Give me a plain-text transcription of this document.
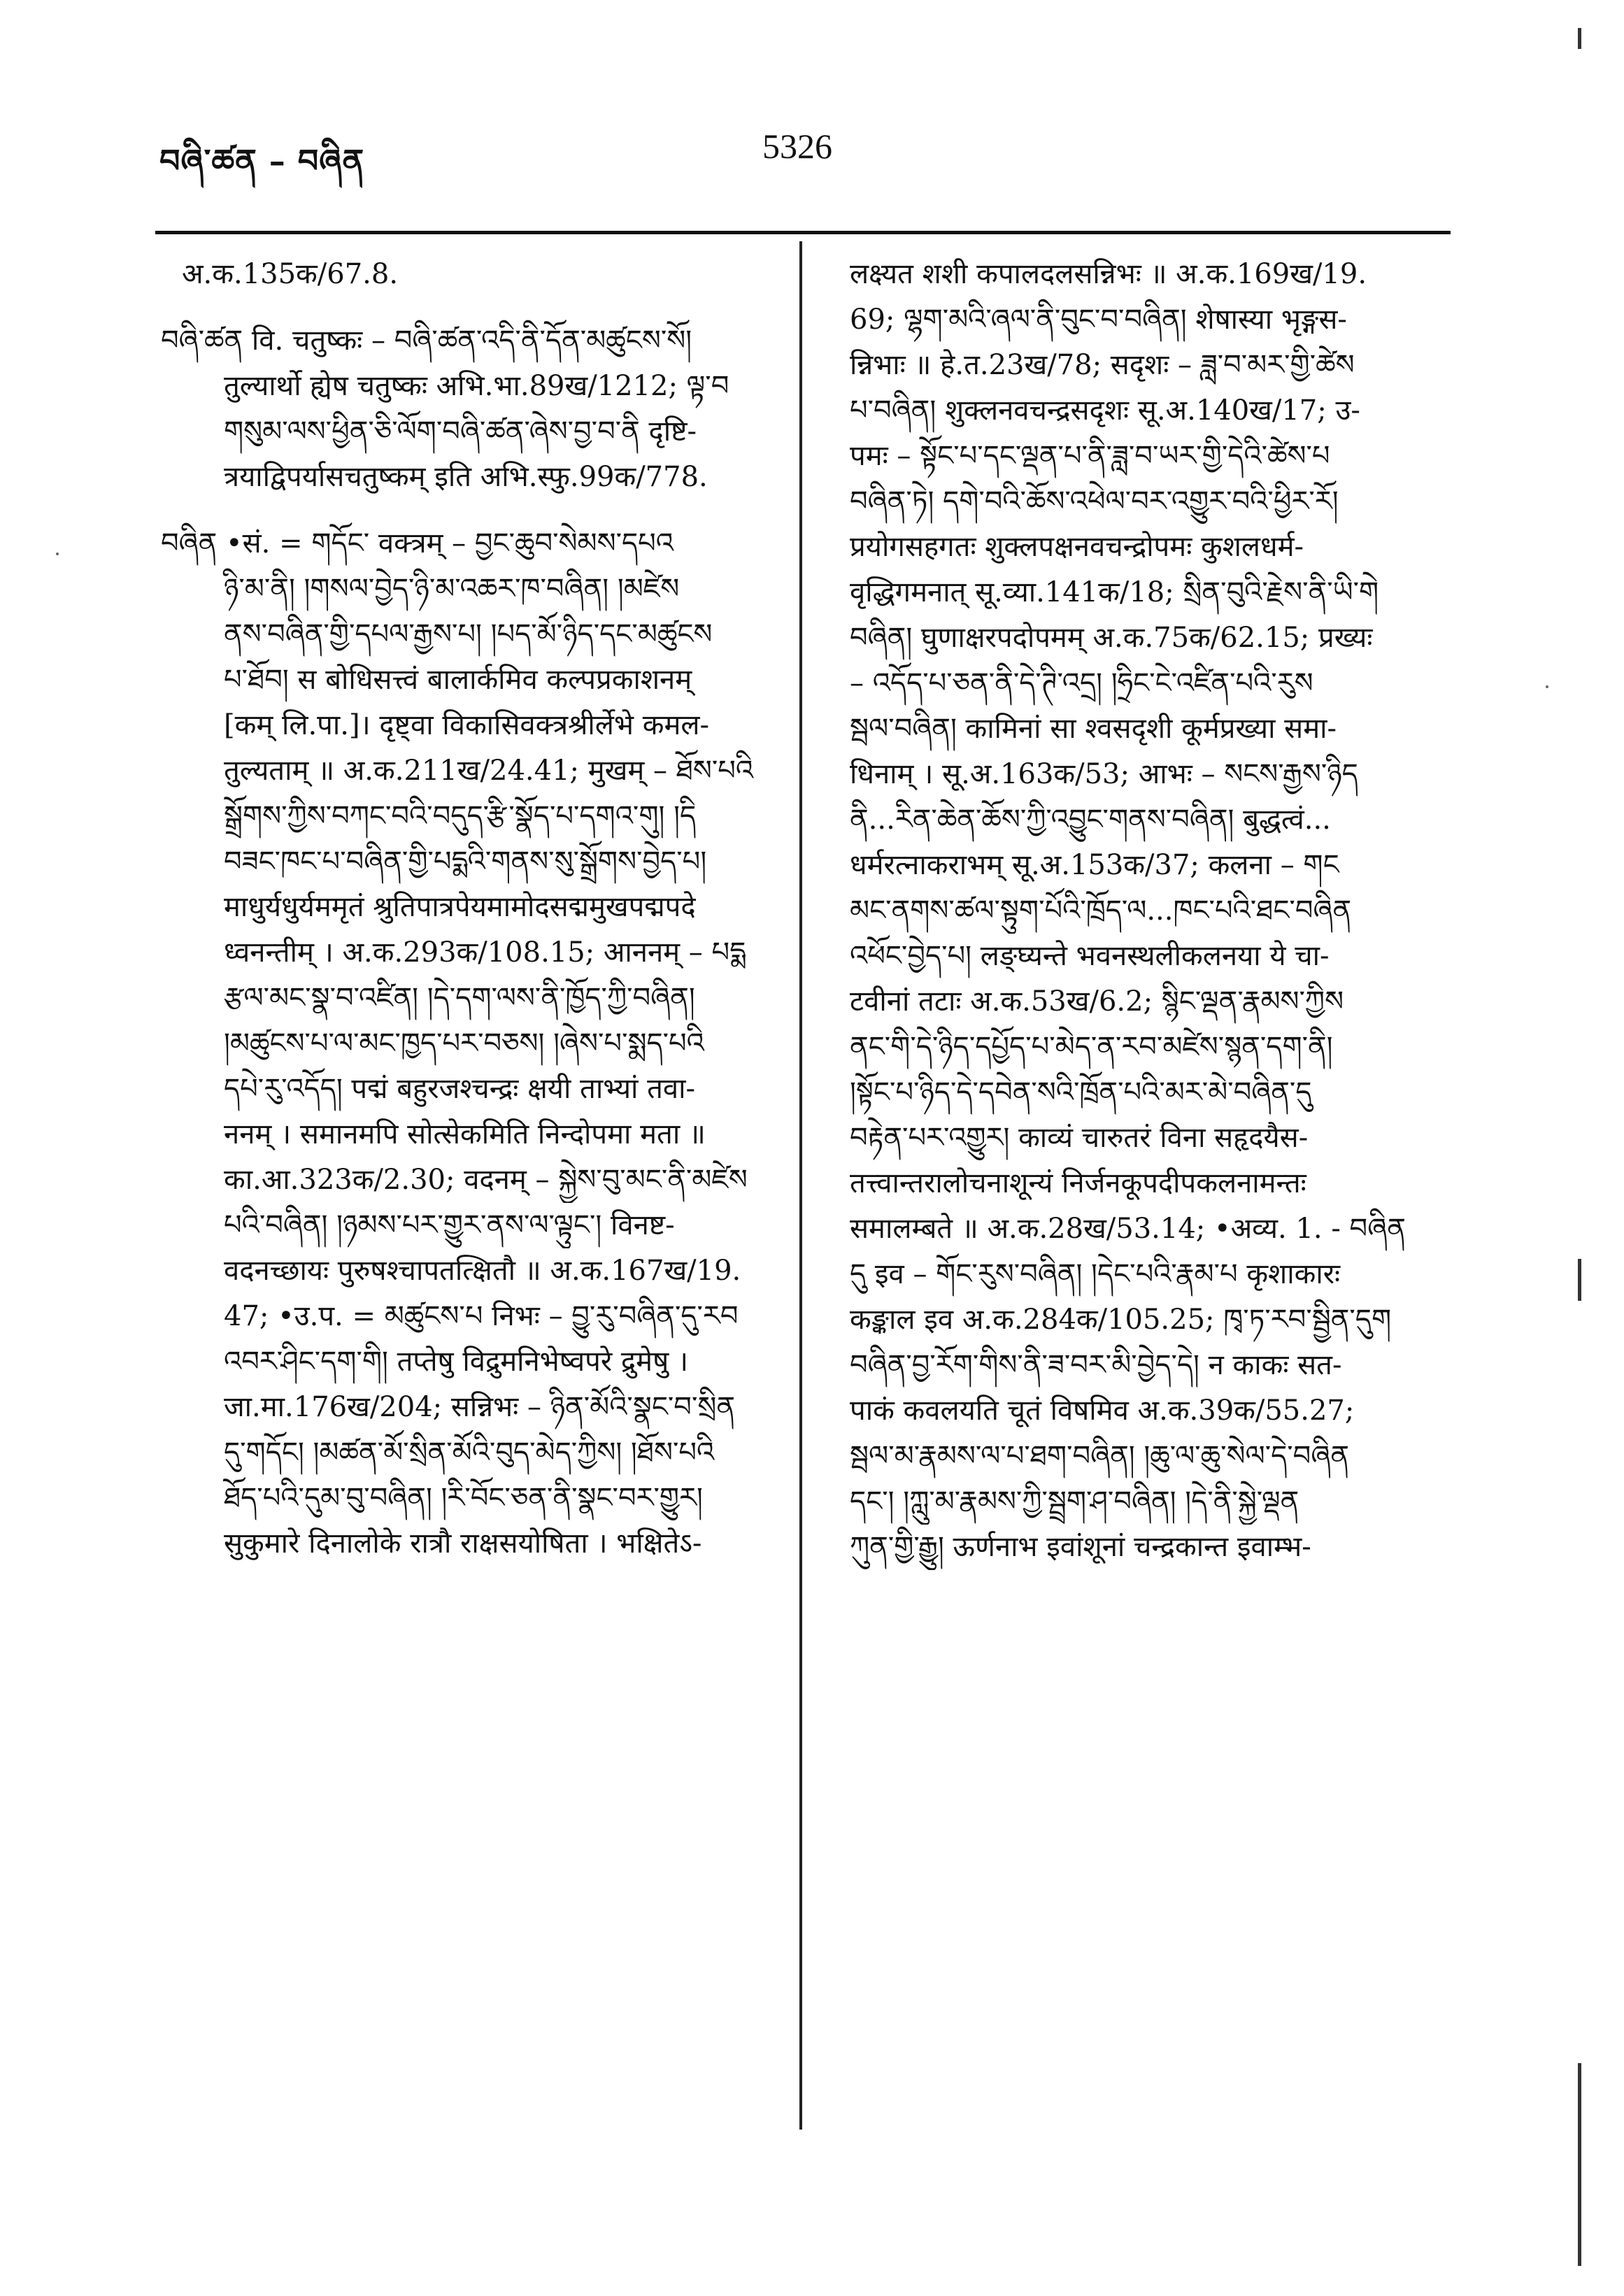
བཞི་ཚན – བཞིན	5326
अ.क.135क/67.8.
བཞི་ཚན वि. चतुष्कः – བཞི་ཚན་འདི་ནི་དོན་མཚུངས་སོ།
तुल्यार्थो ह्येष चतुष्कः अभि.भा.89ख/1212; ལྟ་བ
གསུམ་ལས་ཕྱིན་ཅི་ལོག་བཞི་ཚན་ཞེས་བྱ་བ་ནི दृष्टि-
त्रयाद्विपर्यासचतुष्कम् इति अभि.स्फु.99क/778.
བཞིན •सं. = གདོང་ वक्त्रम् – བྱང་ཆུབ་སེམས་དཔའ
ཉི་མ་ནི། །གསལ་བྱེད་ཉི་མ་འཆར་ཁ་བཞིན། །མཛེས
ནས་བཞིན་གྱི་དཔལ་རྒྱས་པ། །པད་མོ་ཉིད་དང་མཚུངས
པ་ཐོབ། स बोधिसत्त्वं बालार्कमिव कल्पप्रकाशनम्
[कम् लि.पा.]। दृष्ट्वा विकासिवक्त्रश्रीर्लेभे कमल-
तुल्यताम् ॥ अ.क.211ख/24.41; मुखम् – ཐོས་པའི
སྒྲོགས་ཀྱིས་བཀང་བའི་བདུད་རྩི་སྣོད་པ་དགའ་གུ། །དི
བཟང་ཁང་པ་བཞིན་གྱི་པདྨའི་གནས་སུ་སྒྲོགས་བྱེད་པ།
माधुर्यधुर्यममृतं श्रुतिपात्रपेयमामोदसद्ममुखपद्मपदे
ध्वनन्तीम् । अ.क.293क/108.15; आननम् – པདྨ
རྩལ་མང་སྣ་བ་འཛིན། །དེ་དག་ལས་ནི་ཁྱོད་ཀྱི་བཞིན།
།མཚུངས་པ་ལ་མང་ཁྱད་པར་བཅས། །ཞེས་པ་སྨད་པའི
དཔེ་རུ་འདོད། पद्मं बहुरजश्चन्द्रः क्षयी ताभ्यां तवा-
ननम् । समानमपि सोत्सेकमिति निन्दोपमा मता ॥
का.आ.323क/2.30; वदनम् – སྐྱེས་བུ་མང་ནི་མཛེས
པའི་བཞིན། །ཉམས་པར་གྱུར་ནས་ལ་ལྟུང་། विनष्ट-
वदनच्छायः पुरुषश्चापतत्क्षितौ ॥ अ.क.167ख/19.
47; •उ.प. = མཚུངས་པ निभः – བྱུ་རུ་བཞིན་དུ་རབ
འབར་ཤིང་དག་གི། तप्तेषु विद्रुमनिभेष्वपरे द्रुमेषु ।
जा.मा.176ख/204; सन्निभः – ཉིན་མོའི་སྣང་བ་སྲིན
དུ་གདོང། །མཚན་མོ་སྲིན་མོའི་བུད་མེད་ཀྱིས། །ཐོས་པའི
ཐོད་པའི་དུམ་བུ་བཞིན། །རི་བོང་ཅན་ནི་སྣང་བར་གྱུར།
सुकुमारे दिनालोके रात्रौ राक्षसयोषिता । भक्षितेऽ-
लक्ष्यत शशी कपालदलसन्निभः ॥ अ.क.169ख/19.
69; ལྷག་མའི་ཞལ་ནི་བུང་བ་བཞིན། शेषास्या भृङ्गस-
न्निभाः ॥ हे.त.23ख/78; सदृशः – ཟླ་བ་མར་གྱི་ཚེས
པ་བཞིན། शुक्लनवचन्द्रसदृशः सू.अ.140ख/17; उ-
पमः – སྟོང་པ་དང་ལྡན་པ་ནི་ཟླ་བ་ཡར་གྱི་དེའི་ཚེས་པ
བཞིན་ཏེ། དགེ་བའི་ཆོས་འཕེལ་བར་འགྱུར་བའི་ཕྱིར་རོ།
प्रयोगसहगतः शुक्लपक्षनवचन्द्रोपमः कुशलधर्म-
वृद्धिगमनात् सू.व्या.141क/18; སྲིན་བུའི་རྗེས་ནི་ཡི་གེ
བཞིན། घुणाक्षरपदोपमम् अ.क.75क/62.15; प्रख्यः
– འདོད་པ་ཅན་ནི་དེ་ཊི་འདྲ། །ཧྲིང་ངེ་འཛིན་པའི་རུས
སྦལ་བཞིན། कामिनां सा श्वसदृशी कूर्मप्रख्या समा-
धिनाम् । सू.अ.163क/53; आभः – སངས་རྒྱས་ཉིད
ནི...རིན་ཆེན་ཆོས་ཀྱི་འབྱུང་གནས་བཞིན། बुद्धत्वं...
धर्मरत्नाकराभम् सू.अ.153क/37; कलना – གང
མང་ནགས་ཚལ་སྟུག་པོའི་ཁྲོད་ལ...ཁང་པའི་ཐང་བཞིན
འཕོང་བྱེད་པ། लङ्घ्यन्ते भवनस्थलीकलनया ये चा-
टवीनां तटाः अ.क.53ख/6.2; སྙིང་ལྡན་རྣམས་ཀྱིས
ནང་གི་དེ་ཉིད་དཔྱོད་པ་མེད་ན་རབ་མཛེས་སྙན་དག་ནི།
།སྟོང་པ་ཉིད་དེ་དབེན་སའི་ཁྲོན་པའི་མར་མེ་བཞིན་དུ
བརྟེན་པར་འགྱུར། काव्यं चारुतरं विना सहृदयैस-
तत्त्वान्तरालोचनाशून्यं निर्जनकूपदीपकलनामन्तः
समालम्बते ॥ अ.क.28ख/53.14; •अव्य. 1. - བཞིན
དུ इव – གོང་རུས་བཞིན། །དེང་པའི་རྣམ་པ कृशाकारः
कङ्काल इव अ.क.284क/105.25; ཁྭ་ཏ་རབ་སྦྱིན་དུག
བཞིན་བྱ་རོག་གིས་ནི་ཟ་བར་མི་བྱེད་དེ། न काकः सत-
पाकं कवलयति चूतं विषमिव अ.क.39क/55.27;
སྦལ་མ་རྣམས་ལ་པ་ཐག་བཞིན། །ཆུ་ལ་ཆུ་སེལ་དེ་བཞིན
དང་། །ཀླུ་མ་རྣམས་ཀྱི་སྦྲག་ཤ་བཞིན། །དེ་ནི་སྐྱེ་ལྡན
ཀུན་གྱི་རྒྱུ། ऊर्णनाभ इवांशूनां चन्द्रकान्त इवाम्भ-
